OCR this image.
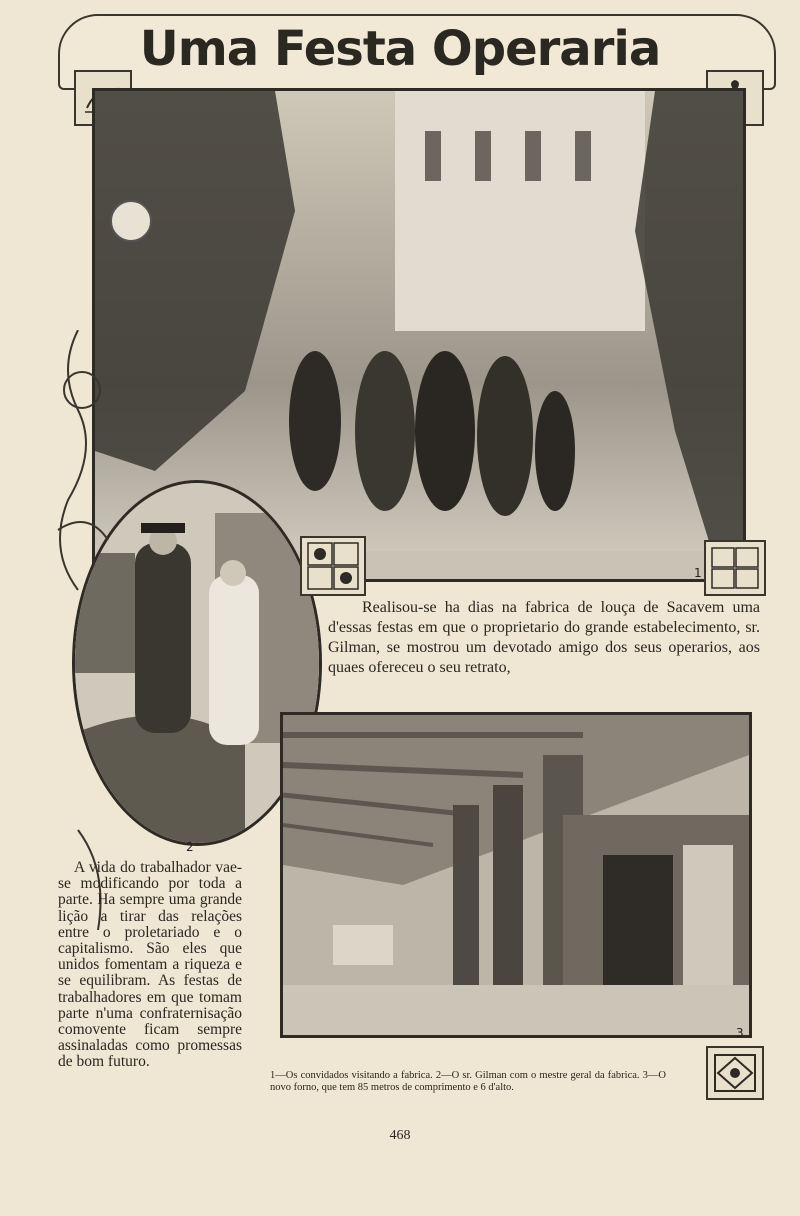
Uma Festa Operaria
1
2
3
Realisou-se ha dias na fabrica de louça de Sacavem uma d'essas festas em que o proprietario do grande estabelecimento, sr. Gilman, se mostrou um devotado amigo dos seus operarios, aos quaes ofereceu o seu retrato,
A vida do trabalhador vae-se modificando por toda a parte. Ha sempre uma grande lição a tirar das relações entre o proletariado e o capitalismo. São eles que unidos fomentam a riqueza e se equilibram. As festas de trabalhadores em que tomam parte n'uma confraternisação comovente ficam sempre assinaladas como promessas de bom futuro.
1—Os convidados visitando a fabrica. 2—O sr. Gilman com o mestre geral da fabrica. 3—O novo forno, que tem 85 metros de comprimento e 6 d'alto.
468
